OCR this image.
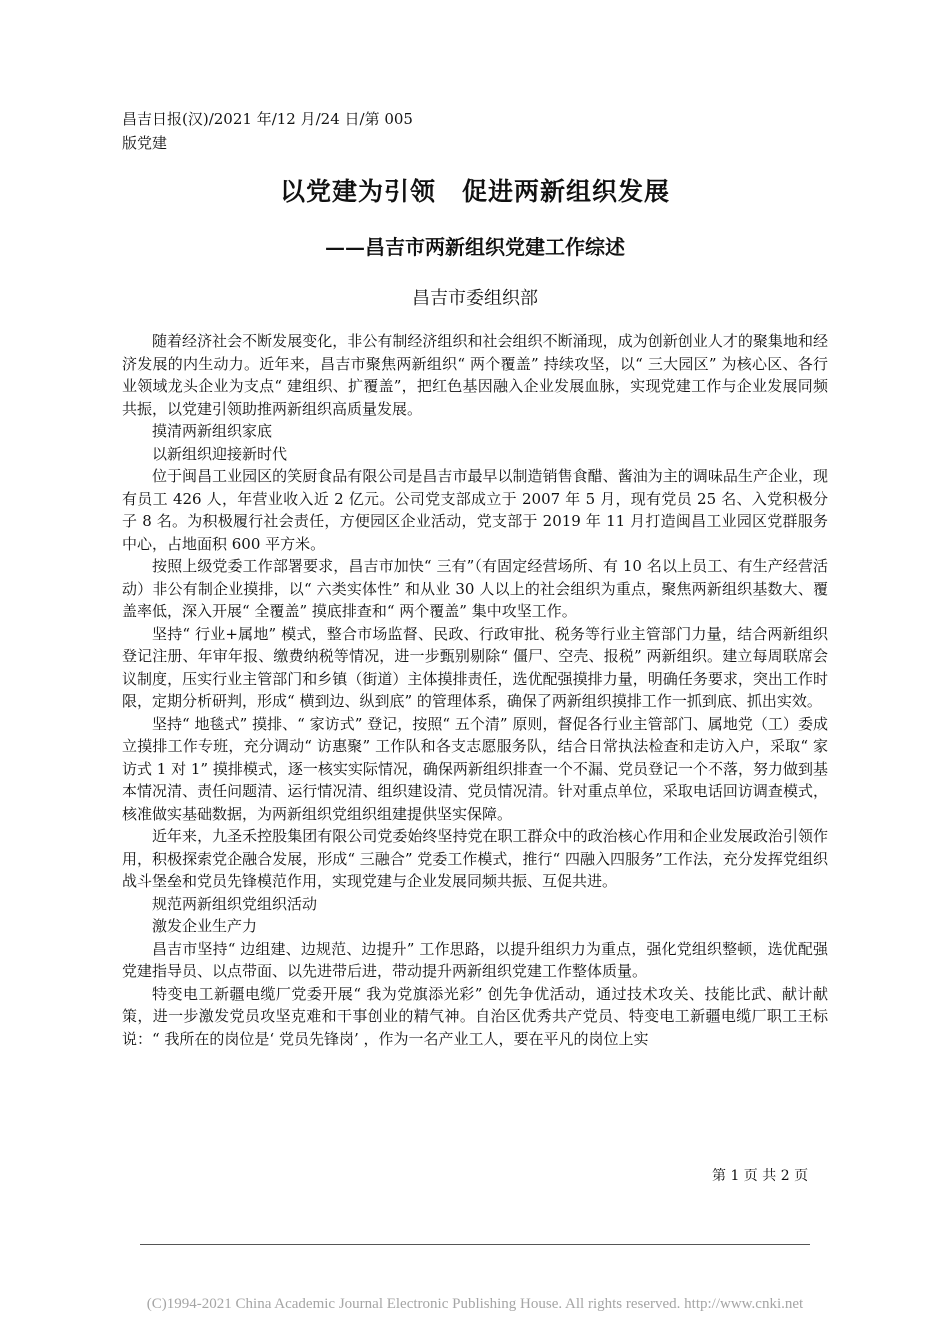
昌吉日报(汉)/2021 年/12 月/24 日/第 005 版党建
以党建为引领　促进两新组织发展
——昌吉市两新组织党建工作综述
昌吉市委组织部

随着经济社会不断发展变化，非公有制经济组织和社会组织不断涌现，成为创新创业人才的聚集地和经济发展的内生动力。近年来，昌吉市聚焦两新组织“ 两个覆盖” 持续攻坚，以“ 三大园区” 为核心区、各行业领域龙头企业为支点“ 建组织、扩覆盖”，把红色基因融入企业发展血脉，实现党建工作与企业发展同频共振，以党建引领助推两新组织高质量发展。

摸清两新组织家底

以新组织迎接新时代

位于闽昌工业园区的笑厨食品有限公司是昌吉市最早以制造销售食醋、酱油为主的调味品生产企业，现有员工 426 人，年营业收入近 2 亿元。公司党支部成立于 2007 年 5 月，现有党员 25 名、入党积极分子 8 名。为积极履行社会责任，方便园区企业活动，党支部于 2019 年 11 月打造闽昌工业园区党群服务中心，占地面积 600 平方米。

按照上级党委工作部署要求，昌吉市加快“ 三有”（有固定经营场所、有 10 名以上员工、有生产经营活动）非公有制企业摸排，以“ 六类实体性” 和从业 30 人以上的社会组织为重点，聚焦两新组织基数大、覆盖率低，深入开展“ 全覆盖” 摸底排查和“ 两个覆盖” 集中攻坚工作。

坚持“ 行业+属地” 模式，整合市场监督、民政、行政审批、税务等行业主管部门力量，结合两新组织登记注册、年审年报、缴费纳税等情况，进一步甄别剔除“ 僵尸、空壳、报税” 两新组织。建立每周联席会议制度，压实行业主管部门和乡镇（街道）主体摸排责任，选优配强摸排力量，明确任务要求，突出工作时限，定期分析研判，形成“ 横到边、纵到底” 的管理体系，确保了两新组织摸排工作一抓到底、抓出实效。

坚持“ 地毯式” 摸排、“ 家访式” 登记，按照“ 五个清” 原则，督促各行业主管部门、属地党（工）委成立摸排工作专班，充分调动“ 访惠聚” 工作队和各支志愿服务队，结合日常执法检查和走访入户，采取“ 家访式 1 对 1” 摸排模式，逐一核实实际情况，确保两新组织排查一个不漏、党员登记一个不落，努力做到基本情况清、责任问题清、运行情况清、组织建设清、党员情况清。针对重点单位，采取电话回访调查模式，核准做实基础数据，为两新组织党组织组建提供坚实保障。

近年来，九圣禾控股集团有限公司党委始终坚持党在职工群众中的政治核心作用和企业发展政治引领作用，积极探索党企融合发展，形成“ 三融合” 党委工作模式，推行“ 四融入四服务”工作法，充分发挥党组织战斗堡垒和党员先锋模范作用，实现党建与企业发展同频共振、互促共进。

规范两新组织党组织活动

激发企业生产力

昌吉市坚持“ 边组建、边规范、边提升” 工作思路，以提升组织力为重点，强化党组织整顿，选优配强党建指导员、以点带面、以先进带后进，带动提升两新组织党建工作整体质量。

特变电工新疆电缆厂党委开展“ 我为党旗添光彩” 创先争优活动，通过技术攻关、技能比武、献计献策，进一步激发党员攻坚克难和干事创业的精气神。自治区优秀共产党员、特变电工新疆电缆厂职工王标说：“ 我所在的岗位是‘ 党员先锋岗’ ，作为一名产业工人，要在平凡的岗位上实

第 1 页 共 2 页
(C)1994-2021 China Academic Journal Electronic Publishing House. All rights reserved. http://www.cnki.net
